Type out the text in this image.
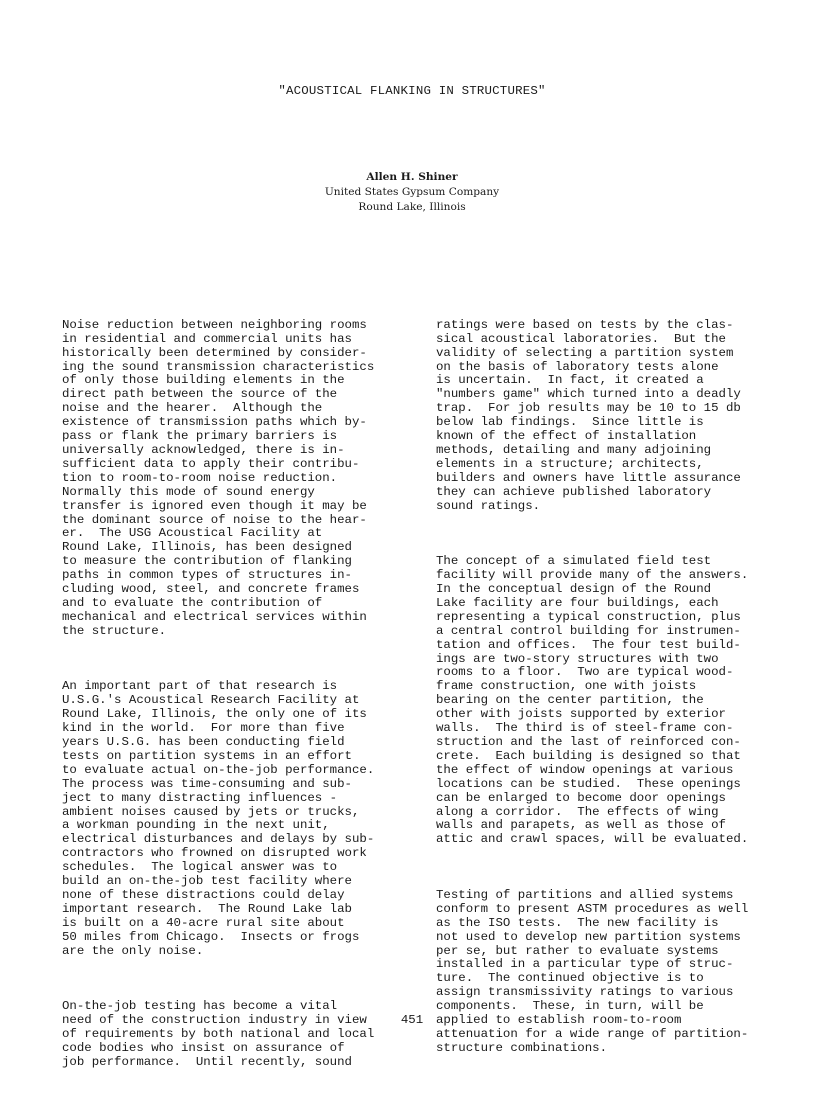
"ACOUSTICAL FLANKING IN STRUCTURES"
Allen H. Shiner
United States Gypsum Company
Round Lake, Illinois

Noise reduction between neighboring rooms
in residential and commercial units has
historically been determined by consider-
ing the sound transmission characteristics
of only those building elements in the
direct path between the source of the
noise and the hearer.  Although the
existence of transmission paths which by-
pass or flank the primary barriers is
universally acknowledged, there is in-
sufficient data to apply their contribu-
tion to room-to-room noise reduction.
Normally this mode of sound energy
transfer is ignored even though it may be
the dominant source of noise to the hear-
er.  The USG Acoustical Facility at
Round Lake, Illinois, has been designed
to measure the contribution of flanking
paths in common types of structures in-
cluding wood, steel, and concrete frames
and to evaluate the contribution of
mechanical and electrical services within
the structure.

An important part of that research is
U.S.G.'s Acoustical Research Facility at
Round Lake, Illinois, the only one of its
kind in the world.  For more than five
years U.S.G. has been conducting field
tests on partition systems in an effort
to evaluate actual on-the-job performance.
The process was time-consuming and sub-
ject to many distracting influences -
ambient noises caused by jets or trucks,
a workman pounding in the next unit,
electrical disturbances and delays by sub-
contractors who frowned on disrupted work
schedules.  The logical answer was to
build an on-the-job test facility where
none of these distractions could delay
important research.  The Round Lake lab
is built on a 40-acre rural site about
50 miles from Chicago.  Insects or frogs
are the only noise.

On-the-job testing has become a vital
need of the construction industry in view
of requirements by both national and local
code bodies who insist on assurance of
job performance.  Until recently, sound

ratings were based on tests by the clas-
sical acoustical laboratories.  But the
validity of selecting a partition system
on the basis of laboratory tests alone
is uncertain.  In fact, it created a
"numbers game" which turned into a deadly
trap.  For job results may be 10 to 15 db
below lab findings.  Since little is
known of the effect of installation
methods, detailing and many adjoining
elements in a structure; architects,
builders and owners have little assurance
they can achieve published laboratory
sound ratings.

The concept of a simulated field test
facility will provide many of the answers.
In the conceptual design of the Round
Lake facility are four buildings, each
representing a typical construction, plus
a central control building for instrumen-
tation and offices.  The four test build-
ings are two-story structures with two
rooms to a floor.  Two are typical wood-
frame construction, one with joists
bearing on the center partition, the
other with joists supported by exterior
walls.  The third is of steel-frame con-
struction and the last of reinforced con-
crete.  Each building is designed so that
the effect of window openings at various
locations can be studied.  These openings
can be enlarged to become door openings
along a corridor.  The effects of wing
walls and parapets, as well as those of
attic and crawl spaces, will be evaluated.

Testing of partitions and allied systems
conform to present ASTM procedures as well
as the ISO tests.  The new facility is
not used to develop new partition systems
per se, but rather to evaluate systems
installed in a particular type of struc-
ture.  The continued objective is to
assign transmissivity ratings to various
components.  These, in turn, will be
applied to establish room-to-room
attenuation for a wide range of partition-
structure combinations.

451
